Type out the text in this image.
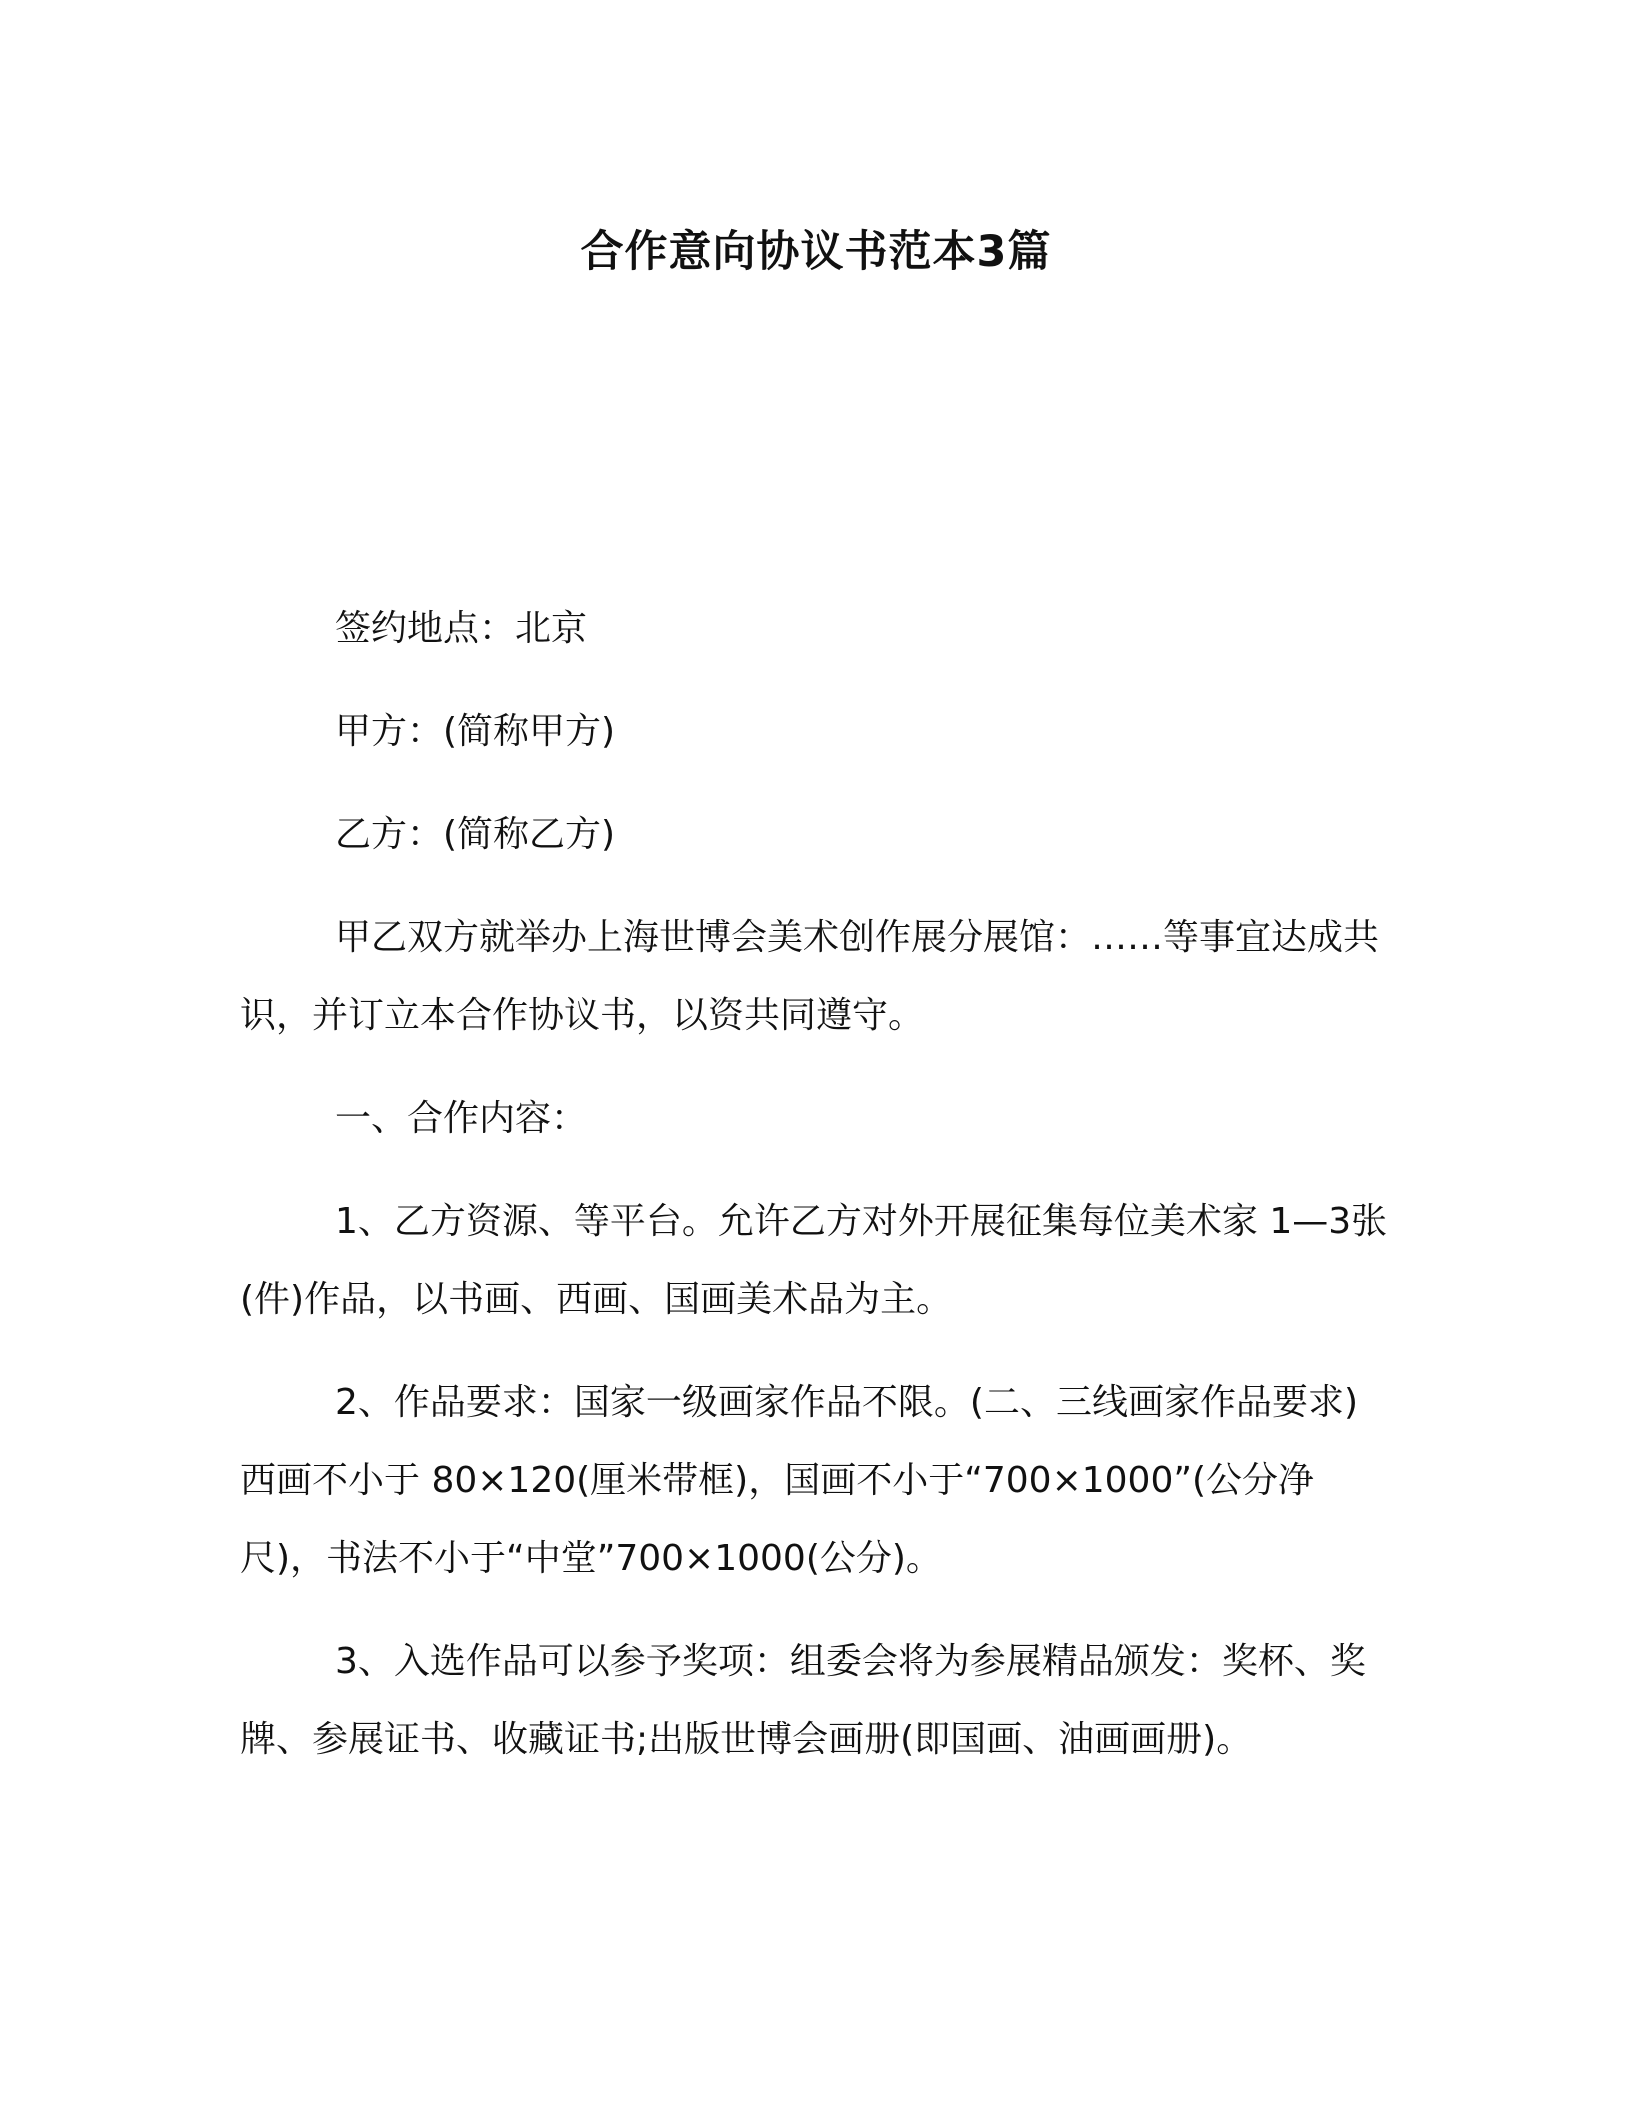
合作意向协议书范本3篇

签约地点：北京

甲方：(简称甲方)

乙方：(简称乙方)

甲乙双方就举办上海世博会美术创作展分展馆：……等事宜达成共识，并订立本合作协议书，以资共同遵守。

一、合作内容：

1、乙方资源、等平台。允许乙方对外开展征集每位美术家 1—3张(件)作品，以书画、西画、国画美术品为主。

2、作品要求：国家一级画家作品不限。(二、三线画家作品要求)西画不小于 80×120(厘米带框)，国画不小于“700×1000”(公分净尺)，书法不小于“中堂”700×1000(公分)。

3、入选作品可以参予奖项：组委会将为参展精品颁发：奖杯、奖牌、参展证书、收藏证书;出版世博会画册(即国画、油画画册)。
